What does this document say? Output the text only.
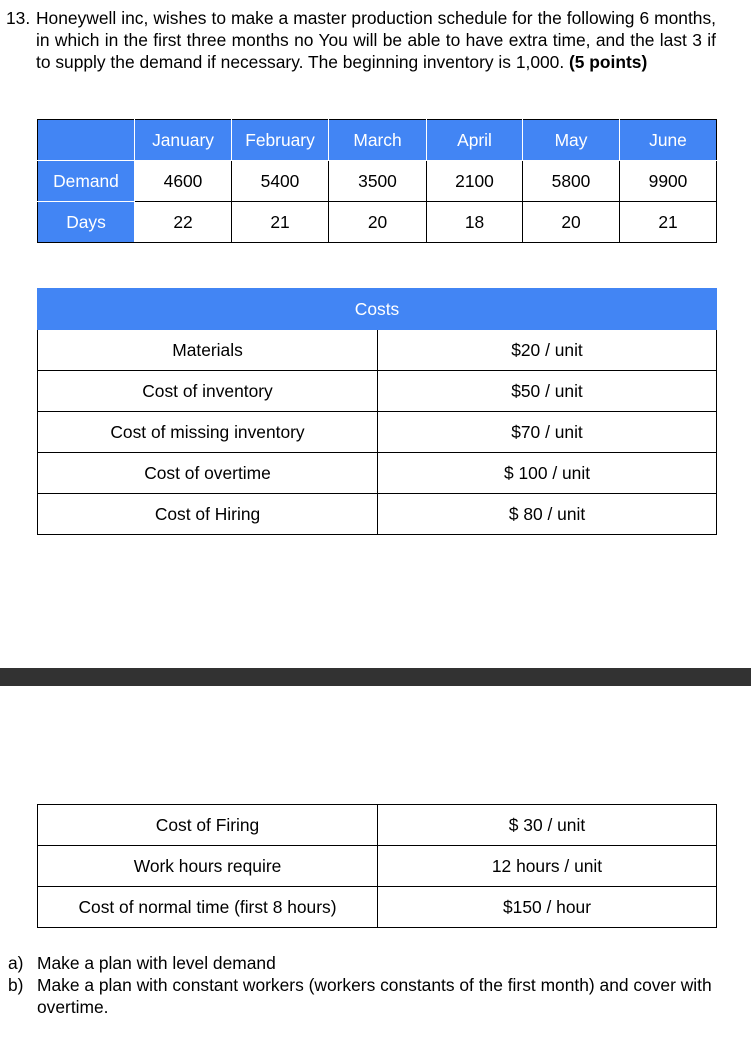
13. Honeywell inc, wishes to make a master production schedule for the following 6 months, in which in the first three months no You will be able to have extra time, and the last 3 if to supply the demand if necessary. The beginning inventory is 1,000. (5 points)
	January	February	March	April	May	June
Demand	4600	5400	3500	2100	5800	9900
Days	22	21	20	18	20	21
Costs	
Materials	$20 / unit
Cost of inventory	$50 / unit
Cost of missing inventory	$70 / unit
Cost of overtime	$ 100 / unit
Cost of Hiring	$ 80 / unit
Cost of Firing	$ 30 / unit
Work hours require	12 hours / unit
Cost of normal time (first 8 hours)	$150 / hour
a) Make a plan with level demand
b) Make a plan with constant workers (workers constants of the first month) and cover with overtime.
